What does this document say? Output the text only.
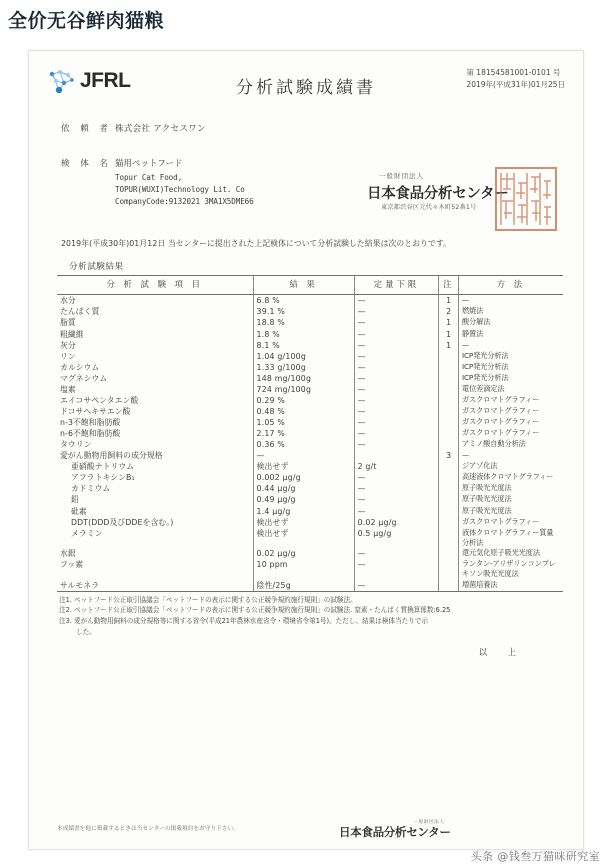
全价无谷鲜肉猫粮
JFRL	分析試験成績書
第 18154581001-0101 号
2019年(平成31年)01月25日
依 頼 者 株式会社 アクセスワン
検 体 名 猫用ペットフード
Topur Cat Food,
TOPUR(WUXI)Technology Lit. Co
CompanyCode:9132021 3MA1X5DME66
一般財団法人
日本食品分析センター
東京都渋谷区元代々木町52番1号
2019年(平成30年)01月12日 当センターに提出された上記検体について分析試験した結果は次のとおりです。
分析試験結果
分 析 試 験 項 目	結 果	定量下限	注	方 法
水分	6.8 %	—	1	—
たんぱく質	39.1 %	—	2	燃焼法
脂質	18.8 %	—	1	酸分解法
粗繊維	1.8 %	—	1	静置法
灰分	8.1 %	—	1	—
リン	1.04 g/100g	—		ICP発光分析法
カルシウム	1.33 g/100g	—		ICP発光分析法
マグネシウム	148 mg/100g	—		ICP発光分析法
塩素	724 mg/100g	—		電位差滴定法
エイコサペンタエン酸	0.29 %	—		ガスクロマトグラフィー
ドコサヘキサエン酸	0.48 %	—		ガスクロマトグラフィー
n-3不飽和脂肪酸	1.05 %	—		ガスクロマトグラフィー
n-6不飽和脂肪酸	2.17 %	—		ガスクロマトグラフィー
タウリン	0.36 %	—		アミノ酸自動分析法
愛がん動物用飼料の成分規格	—		3	—
亜硝酸ナトリウム	検出せず	2 g/t		ジアゾ化法
アフラトキシンB₁	0.002 μg/g	—		高速液体クロマトグラフィー
カドミウム	0.44 μg/g	—		原子吸光光度法
鉛	0.49 μg/g	—		原子吸光光度法
砒素	1.4 μg/g	—		原子吸光光度法
DDT(DDD及びDDEを含む。)	検出せず	0.02 μg/g		ガスクロマトグラフィー
メラミン	検出せず	0.5 μg/g		液体クロマトグラフィー質量分析法
水銀	0.02 μg/g	—		還元気化原子吸光光度法
フッ素	10 ppm	—		ランタン-アリザリンコンプレキソン吸光光度法
サルモネラ	陰性/25g	—		増菌培養法
注1. ペットフード公正取引協議会「ペットフードの表示に関する公正競争規約施行規則」の試験法。
注2. ペットフード公正取引協議会「ペットフードの表示に関する公正競争規約施行規則」の試験法. 窒素・たんぱく質換算係数:6.25
注3. 愛がん動物用飼料の成分規格等に関する省令(平成21年農林水産省令・環境省令第1号)。ただし、結果は検体当たりで示
した。
以 上
本成績書を他に掲載するときは当センターの掲載規約をお守り下さい。
一般財団法人
日本食品分析センター
头条 @钱叁万猫咪研究室
